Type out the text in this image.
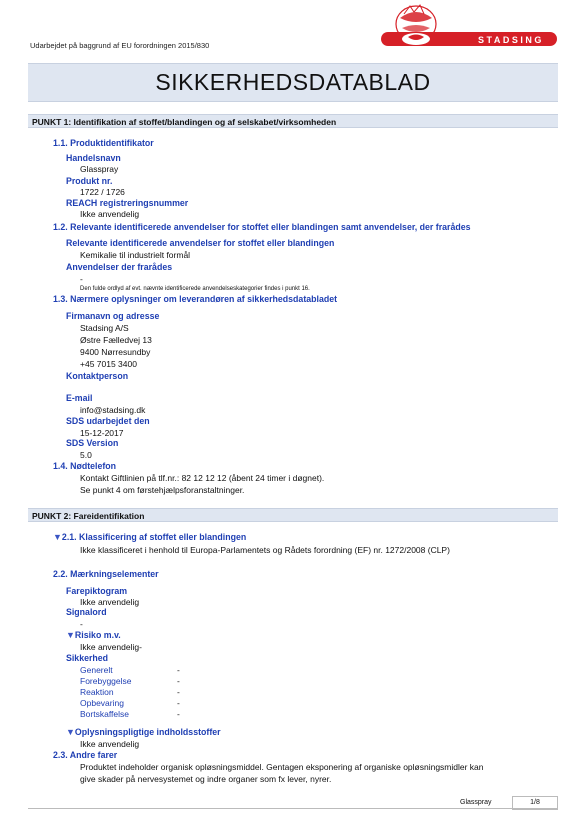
Udarbejdet på baggrund af EU forordningen 2015/830
STADSING
SIKKERHEDSDATABLAD
PUNKT 1: Identifikation af stoffet/blandingen og af selskabet/virksomheden
1.1. Produktidentifikator
Handelsnavn
Glasspray
Produkt nr.
1722 / 1726
REACH registreringsnummer
Ikke anvendelig
1.2. Relevante identificerede anvendelser for stoffet eller blandingen samt anvendelser, der frarådes
Relevante identificerede anvendelser for stoffet eller blandingen
Kemikalie til industrielt formål
Anvendelser der frarådes
-
Den fulde ordlyd af evt. nævnte identificerede anvendelseskategorier findes i punkt 16.
1.3. Nærmere oplysninger om leverandøren af sikkerhedsdatabladet
Firmanavn og adresse
Stadsing A/S
Østre Fælledvej 13
9400 Nørresundby
+45 7015 3400
Kontaktperson
E-mail
info@stadsing.dk
SDS udarbejdet den
15-12-2017
SDS Version
5.0
1.4. Nødtelefon
Kontakt Giftlinien på tlf.nr.: 82 12 12 12 (åbent 24 timer i døgnet).
Se punkt 4 om førstehjælpsforanstaltninger.
PUNKT 2: Fareidentifikation
▼2.1. Klassificering af stoffet eller blandingen
Ikke klassificeret i henhold til Europa-Parlamentets og Rådets forordning (EF) nr. 1272/2008 (CLP)
2.2. Mærkningselementer
Farepiktogram
Ikke anvendelig
Signalord
-
▼Risiko m.v.
Ikke anvendelig-
Sikkerhed
Generelt	-
Forebyggelse	-
Reaktion	-
Opbevaring	-
Bortskaffelse	-
▼Oplysningspligtige indholdsstoffer
Ikke anvendelig
2.3. Andre farer
Produktet indeholder organisk opløsningsmiddel. Gentagen eksponering af organiske opløsningsmidler kan
give skader på nervesystemet og indre organer som fx lever, nyrer.
Glasspray	1/8
